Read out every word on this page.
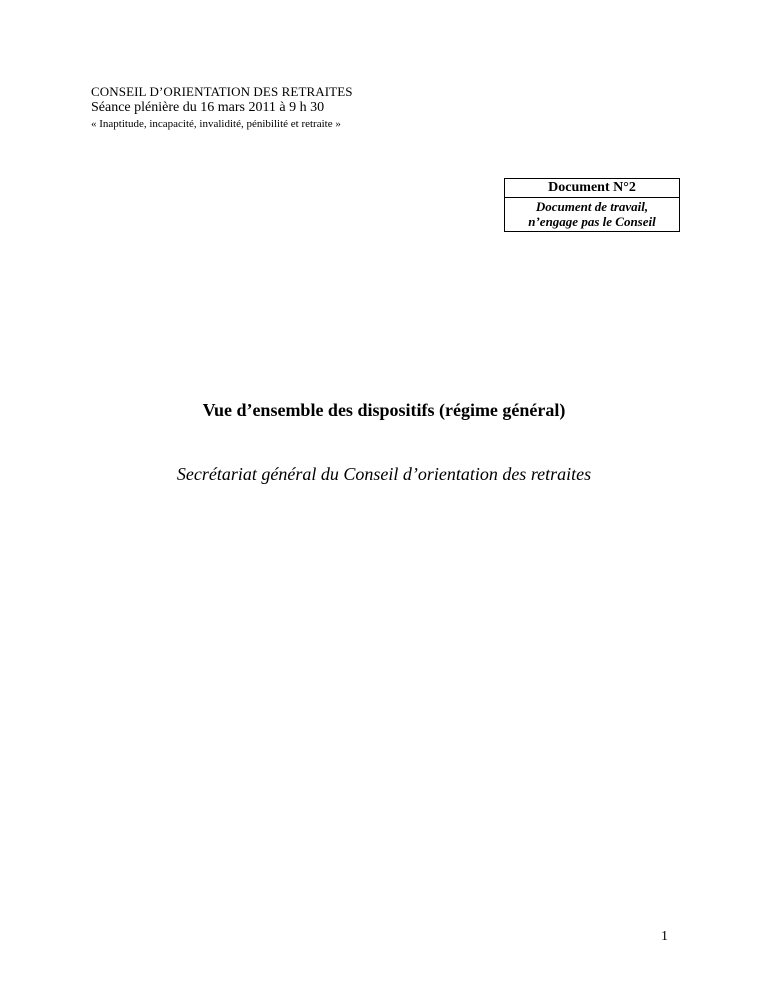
CONSEIL D’ORIENTATION DES RETRAITES
Séance plénière du 16 mars 2011 à 9 h 30
« Inaptitude, incapacité, invalidité, pénibilité et retraite »
Document N°2
Document de travail,
n’engage pas le Conseil
Vue d’ensemble des dispositifs (régime général)
Secrétariat général du Conseil d’orientation des retraites
1
